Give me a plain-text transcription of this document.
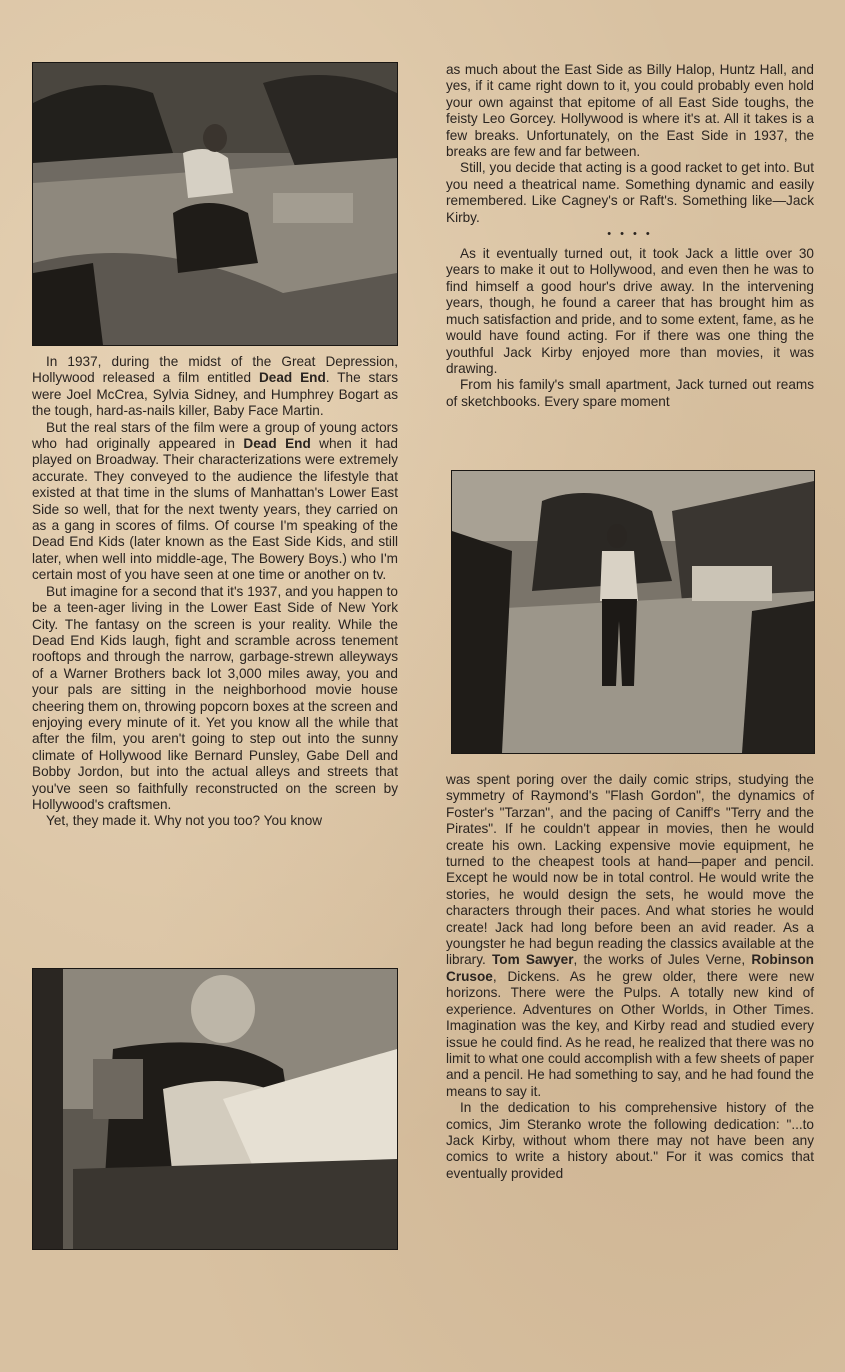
In 1937, during the midst of the Great Depression, Hollywood released a film entitled Dead End. The stars were Joel McCrea, Sylvia Sidney, and Humphrey Bogart as the tough, hard-as-nails killer, Baby Face Martin.

But the real stars of the film were a group of young actors who had originally appeared in Dead End when it had played on Broadway. Their characterizations were extremely accurate. They conveyed to the audience the lifestyle that existed at that time in the slums of Manhattan's Lower East Side so well, that for the next twenty years, they carried on as a gang in scores of films. Of course I'm speaking of the Dead End Kids (later known as the East Side Kids, and still later, when well into middle-age, The Bowery Boys.) who I'm certain most of you have seen at one time or another on tv.

But imagine for a second that it's 1937, and you happen to be a teen-ager living in the Lower East Side of New York City. The fantasy on the screen is your reality. While the Dead End Kids laugh, fight and scramble across tenement rooftops and through the narrow, garbage-strewn alleyways of a Warner Brothers back lot 3,000 miles away, you and your pals are sitting in the neighborhood movie house cheering them on, throwing popcorn boxes at the screen and enjoying every minute of it. Yet you know all the while that after the film, you aren't going to step out into the sunny climate of Hollywood like Bernard Punsley, Gabe Dell and Bobby Jordon, but into the actual alleys and streets that you've seen so faithfully reconstructed on the screen by Hollywood's craftsmen.

Yet, they made it. Why not you too? You know

as much about the East Side as Billy Halop, Huntz Hall, and yes, if it came right down to it, you could probably even hold your own against that epitome of all East Side toughs, the feisty Leo Gorcey. Hollywood is where it's at. All it takes is a few breaks. Unfortunately, on the East Side in 1937, the breaks are few and far between.

Still, you decide that acting is a good racket to get into. But you need a theatrical name. Something dynamic and easily remembered. Like Cagney's or Raft's. Something like—Jack Kirby.

• • • •

As it eventually turned out, it took Jack a little over 30 years to make it out to Hollywood, and even then he was to find himself a good hour's drive away. In the intervening years, though, he found a career that has brought him as much satisfaction and pride, and to some extent, fame, as he would have found acting. For if there was one thing the youthful Jack Kirby enjoyed more than movies, it was drawing.

From his family's small apartment, Jack turned out reams of sketchbooks. Every spare moment

was spent poring over the daily comic strips, studying the symmetry of Raymond's "Flash Gordon", the dynamics of Foster's "Tarzan", and the pacing of Caniff's "Terry and the Pirates". If he couldn't appear in movies, then he would create his own. Lacking expensive movie equipment, he turned to the cheapest tools at hand—paper and pencil. Except he would now be in total control. He would write the stories, he would design the sets, he would move the characters through their paces. And what stories he would create! Jack had long before been an avid reader. As a youngster he had begun reading the classics available at the library. Tom Sawyer, the works of Jules Verne, Robinson Crusoe, Dickens. As he grew older, there were new horizons. There were the Pulps. A totally new kind of experience. Adventures on Other Worlds, in Other Times. Imagination was the key, and Kirby read and studied every issue he could find. As he read, he realized that there was no limit to what one could accomplish with a few sheets of paper and a pencil. He had something to say, and he had found the means to say it.

In the dedication to his comprehensive history of the comics, Jim Steranko wrote the following dedication: "...to Jack Kirby, without whom there may not have been any comics to write a history about." For it was comics that eventually provided
